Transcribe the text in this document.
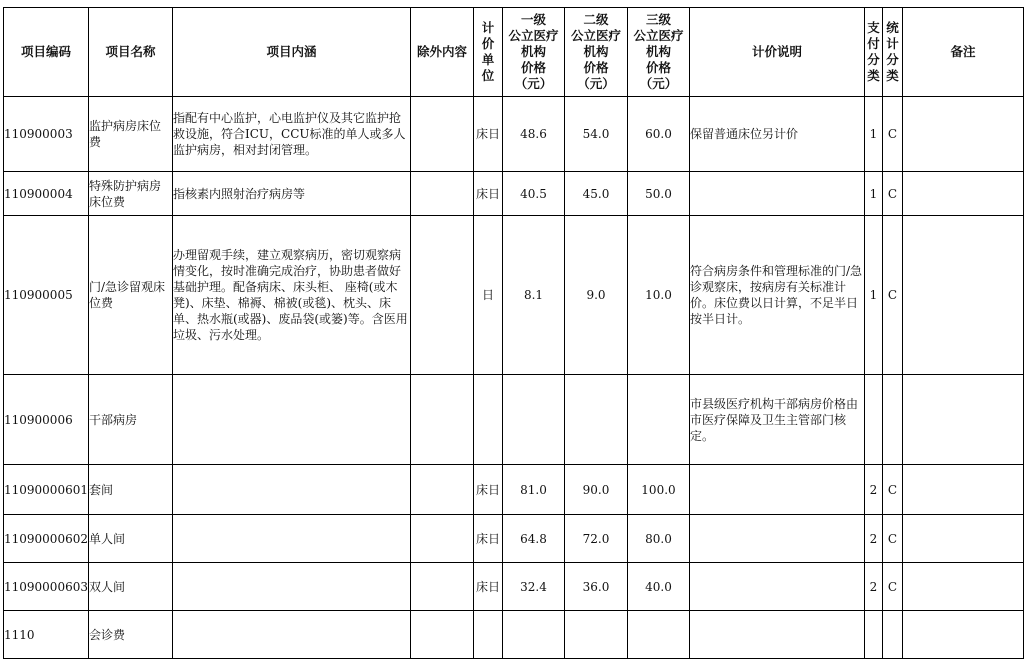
项目编码	项目名称	项目内涵	除外内容	计
价
单
位	一级
公立医疗
机构
价格
（元）	二级
公立医疗
机构
价格
（元）	三级
公立医疗
机构
价格
（元）	计价说明	支
付
分
类	统
计
分
类	备注
110900003	监护病房床位费	指配有中心监护，心电监护仪及其它监护抢救设施，符合ICU，CCU标准的单人或多人监护病房，相对封闭管理。		床日	48.6	54.0	60.0	保留普通床位另计价	1	C	
110900004	特殊防护病房床位费	指核素内照射治疗病房等		床日	40.5	45.0	50.0		1	C	
110900005	门/急诊留观床位费	办理留观手续，建立观察病历，密切观察病情变化，按时准确完成治疗，协助患者做好基础护理。配备病床、床头柜、 座椅(或木凳)、床垫、棉褥、棉被(或毯)、枕头、床单、热水瓶(或器)、废品袋(或篓)等。含医用垃圾、污水处理。		日	8.1	9.0	10.0	符合病房条件和管理标准的门/急诊观察床，按病房有关标准计价。床位费以日计算，不足半日按半日计。	1	C	
110900006	干部病房							市县级医疗机构干部病房价格由市医疗保障及卫生主管部门核定。			
11090000601	套间			床日	81.0	90.0	100.0		2	C	
11090000602	单人间			床日	64.8	72.0	80.0		2	C	
11090000603	双人间			床日	32.4	36.0	40.0		2	C	
1110	会诊费										
